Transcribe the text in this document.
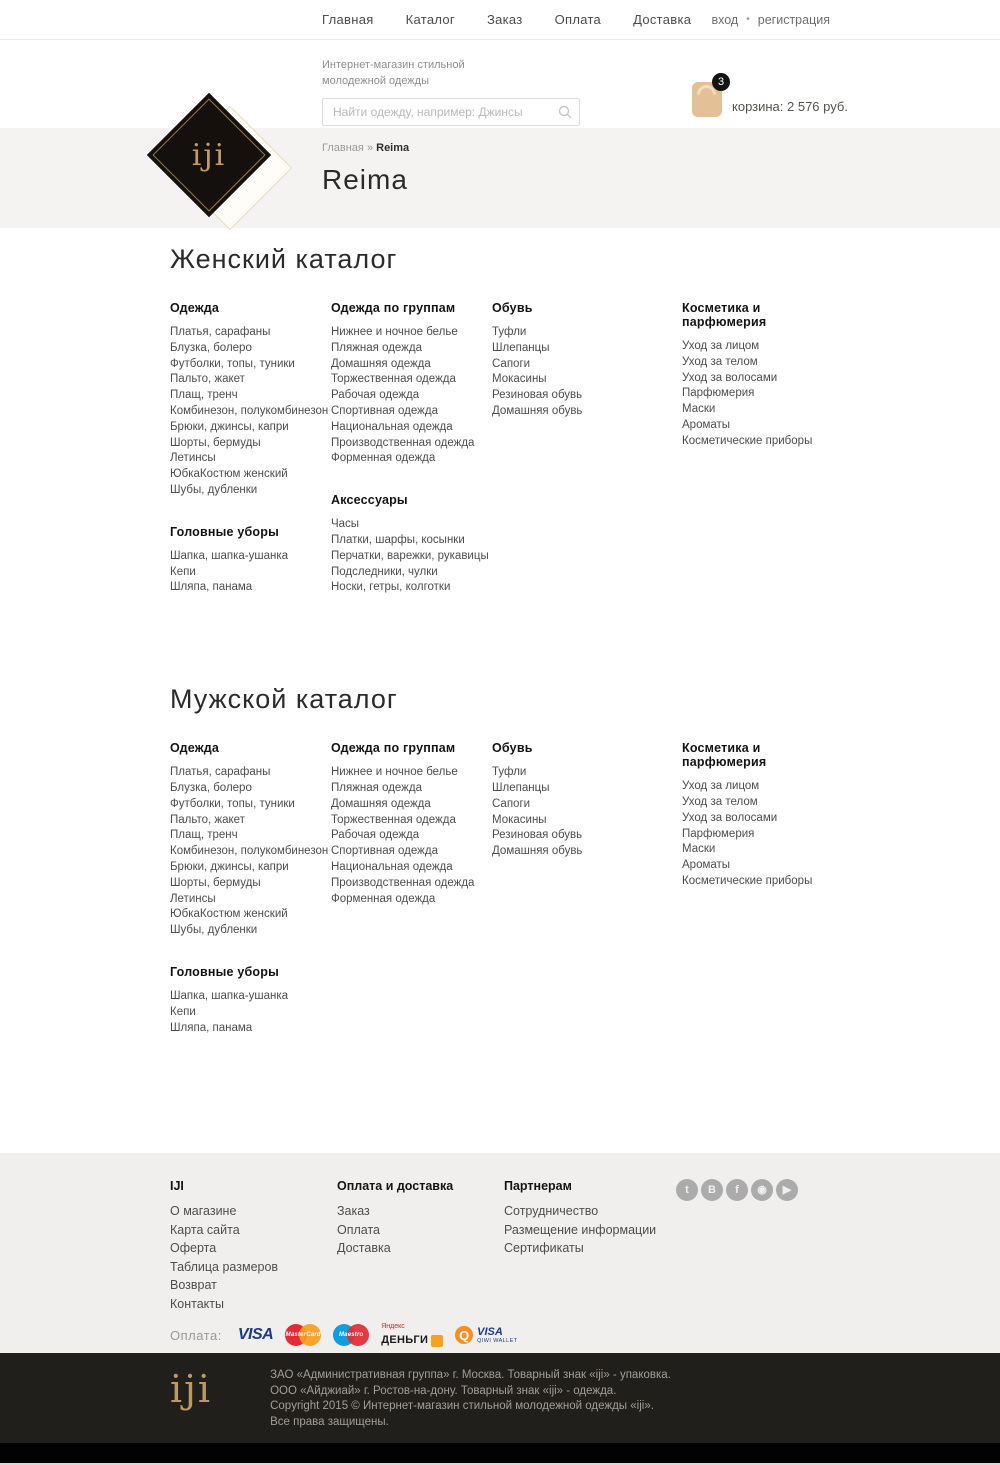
Главная Каталог Заказ Оплата Доставка вход • регистрация
iji
Интернет-магазин стильной
молодежной одежды
Найти одежду, например: Джинсы	3
корзина: 2 576 руб.
Главная » Reima
Reima
Женский каталог
Одежда
Платья, сарафаны
Блузка, болеро
Футболки, топы, туники
Пальто, жакет
Плащ, тренч
Комбинезон, полукомбинезон
Брюки, джинсы, капри
Шорты, бермуды
Летинсы
ЮбкаКостюм женский
Шубы, дубленки
Головные уборы
Шапка, шапка-ушанка
Кепи
Шляпа, панама
Одежда по группам
Нижнее и ночное белье
Пляжная одежда
Домашняя одежда
Торжественная одежда
Рабочая одежда
Спортивная одежда
Национальная одежда
Производственная одежда
Форменная одежда
Аксессуары
Часы
Платки, шарфы, косынки
Перчатки, варежки, рукавицы
Подследники, чулки
Носки, гетры, колготки
Обувь
Туфли
Шлепанцы
Сапоги
Мокасины
Резиновая обувь
Домашняя обувь
Косметика и парфюмерия
Уход за лицом
Уход за телом
Уход за волосами
Парфюмерия
Маски
Ароматы
Косметические приборы
Мужской каталог
Одежда
Платья, сарафаны
Блузка, болеро
Футболки, топы, туники
Пальто, жакет
Плащ, тренч
Комбинезон, полукомбинезон
Брюки, джинсы, капри
Шорты, бермуды
Летинсы
ЮбкаКостюм женский
Шубы, дубленки
Головные уборы
Шапка, шапка-ушанка
Кепи
Шляпа, панама
Одежда по группам
Нижнее и ночное белье
Пляжная одежда
Домашняя одежда
Торжественная одежда
Рабочая одежда
Спортивная одежда
Национальная одежда
Производственная одежда
Форменная одежда
Обувь
Туфли
Шлепанцы
Сапоги
Мокасины
Резиновая обувь
Домашняя обувь
Косметика и парфюмерия
Уход за лицом
Уход за телом
Уход за волосами
Парфюмерия
Маски
Ароматы
Косметические приборы
IJI
О магазине
Карта сайта
Оферта
Таблица размеров
Возврат
Контакты
Оплата и доставка
Заказ
Оплата
Доставка
Партнерам
Сотрудничество
Размещение информации
Сертификаты
t B f ◉ ▶
Оплата: VISA MasterCard	Maestro
Яндекс
ДЕНЬГИ	Q VISA
QIWI WALLET
iji	ЗАО «Административная группа» г. Москва. Товарный знак «iji» - упаковка.
ООО «Айджиай» г. Ростов-на-дону. Товарный знак «iji» - одежда.
Copyright 2015 © Интернет-магазин стильной молодежной одежды «iji».
Все права защищены.
